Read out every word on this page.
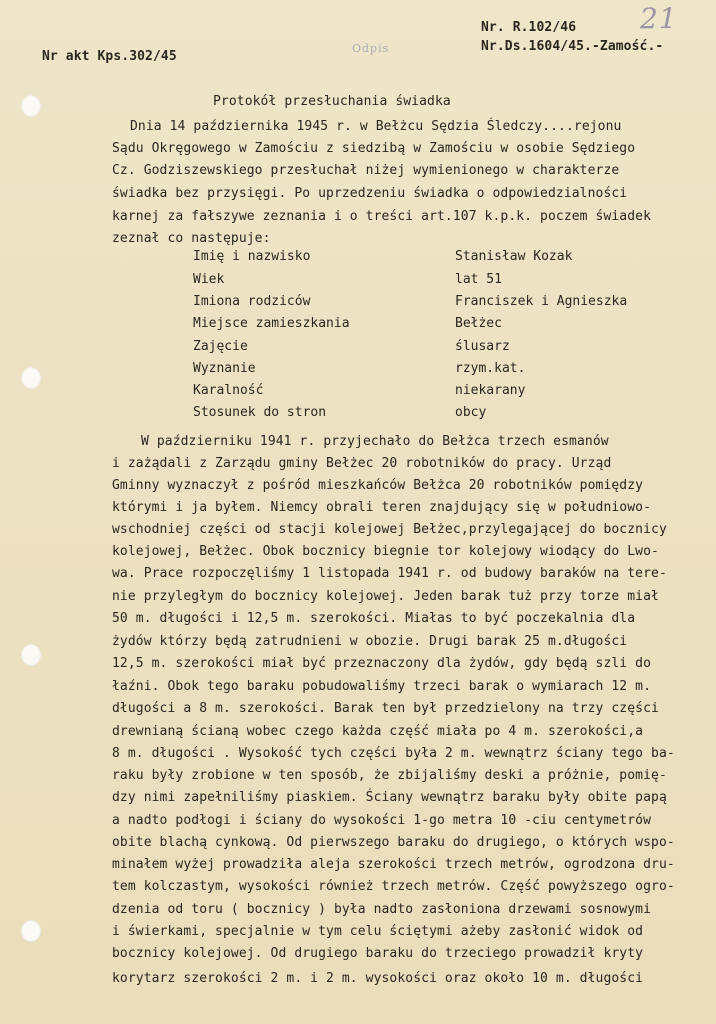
21
Odpis
Nr. R.102/46
Nr.Ds.1604/45.-Zamość.-
Nr akt Kps.302/45
Protokół przesłuchania świadka
Dnia 14 października 1945 r. w Bełżcu Sędzia Śledczy....rejonu
Sądu Okręgowego w Zamościu z siedzibą w Zamościu w osobie Sędziego
Cz. Godziszewskiego przesłuchał niżej wymienionego w charakterze
świadka bez przysięgi. Po uprzedzeniu świadka o odpowiedzialności
karnej za fałszywe zeznania i o treści art.107 k.p.k. poczem świadek
zeznał co następuje:
Imię i nazwisko	Stanisław Kozak
Wiek	lat 51
Imiona rodziców	Franciszek i Agnieszka
Miejsce zamieszkania	Bełżec
Zajęcie	ślusarz
Wyznanie	rzym.kat.
Karalność	niekarany
Stosunek do stron	obcy
W październiku 1941 r. przyjechało do Bełżca trzech esmanów
i zażądali z Zarządu gminy Bełżec 20 robotników do pracy. Urząd
Gminny wyznaczył z pośród mieszkańców Bełżca 20 robotników pomiędzy
którymi i ja byłem. Niemcy obrali teren znajdujący się w południowo-
wschodniej części od stacji kolejowej Bełżec,przylegającej do bocznicy
kolejowej, Bełżec. Obok bocznicy biegnie tor kolejowy wiodący do Lwo-
wa. Prace rozpoczęliśmy 1 listopada 1941 r. od budowy baraków na tere-
nie przyległym do bocznicy kolejowej. Jeden barak tuż przy torze miał
50 m. długości i 12,5 m. szerokości. Miałas to być poczekalnia dla
żydów którzy będą zatrudnieni w obozie. Drugi barak 25 m.długości
12,5 m. szerokości miał być przeznaczony dla żydów, gdy będą szli do
łaźni. Obok tego baraku pobudowaliśmy trzeci barak o wymiarach 12 m.
długości a 8 m. szerokości. Barak ten był przedzielony na trzy części
drewnianą ścianą wobec czego każda część miała po 4 m. szerokości,a
8 m. długości . Wysokość tych części była 2 m. wewnątrz ściany tego ba-
raku były zrobione w ten sposób, że zbijaliśmy deski a próżnie, pomię-
dzy nimi zapełniliśmy piaskiem. Ściany wewnątrz baraku były obite papą
a nadto podłogi i ściany do wysokości 1-go metra 10 -ciu centymetrów
obite blachą cynkową. Od pierwszego baraku do drugiego, o których wspo-
minałem wyżej prowadziła aleja szerokości trzech metrów, ogrodzona dru-
tem kolczastym, wysokości również trzech metrów. Część powyższego ogro-
dzenia od toru ( bocznicy ) była nadto zasłoniona drzewami sosnowymi
i świerkami, specjalnie w tym celu ściętymi ażeby zasłonić widok od
bocznicy kolejowej. Od drugiego baraku do trzeciego prowadził kryty
korytarz szerokości 2 m. i 2 m. wysokości oraz około 10 m. długości
